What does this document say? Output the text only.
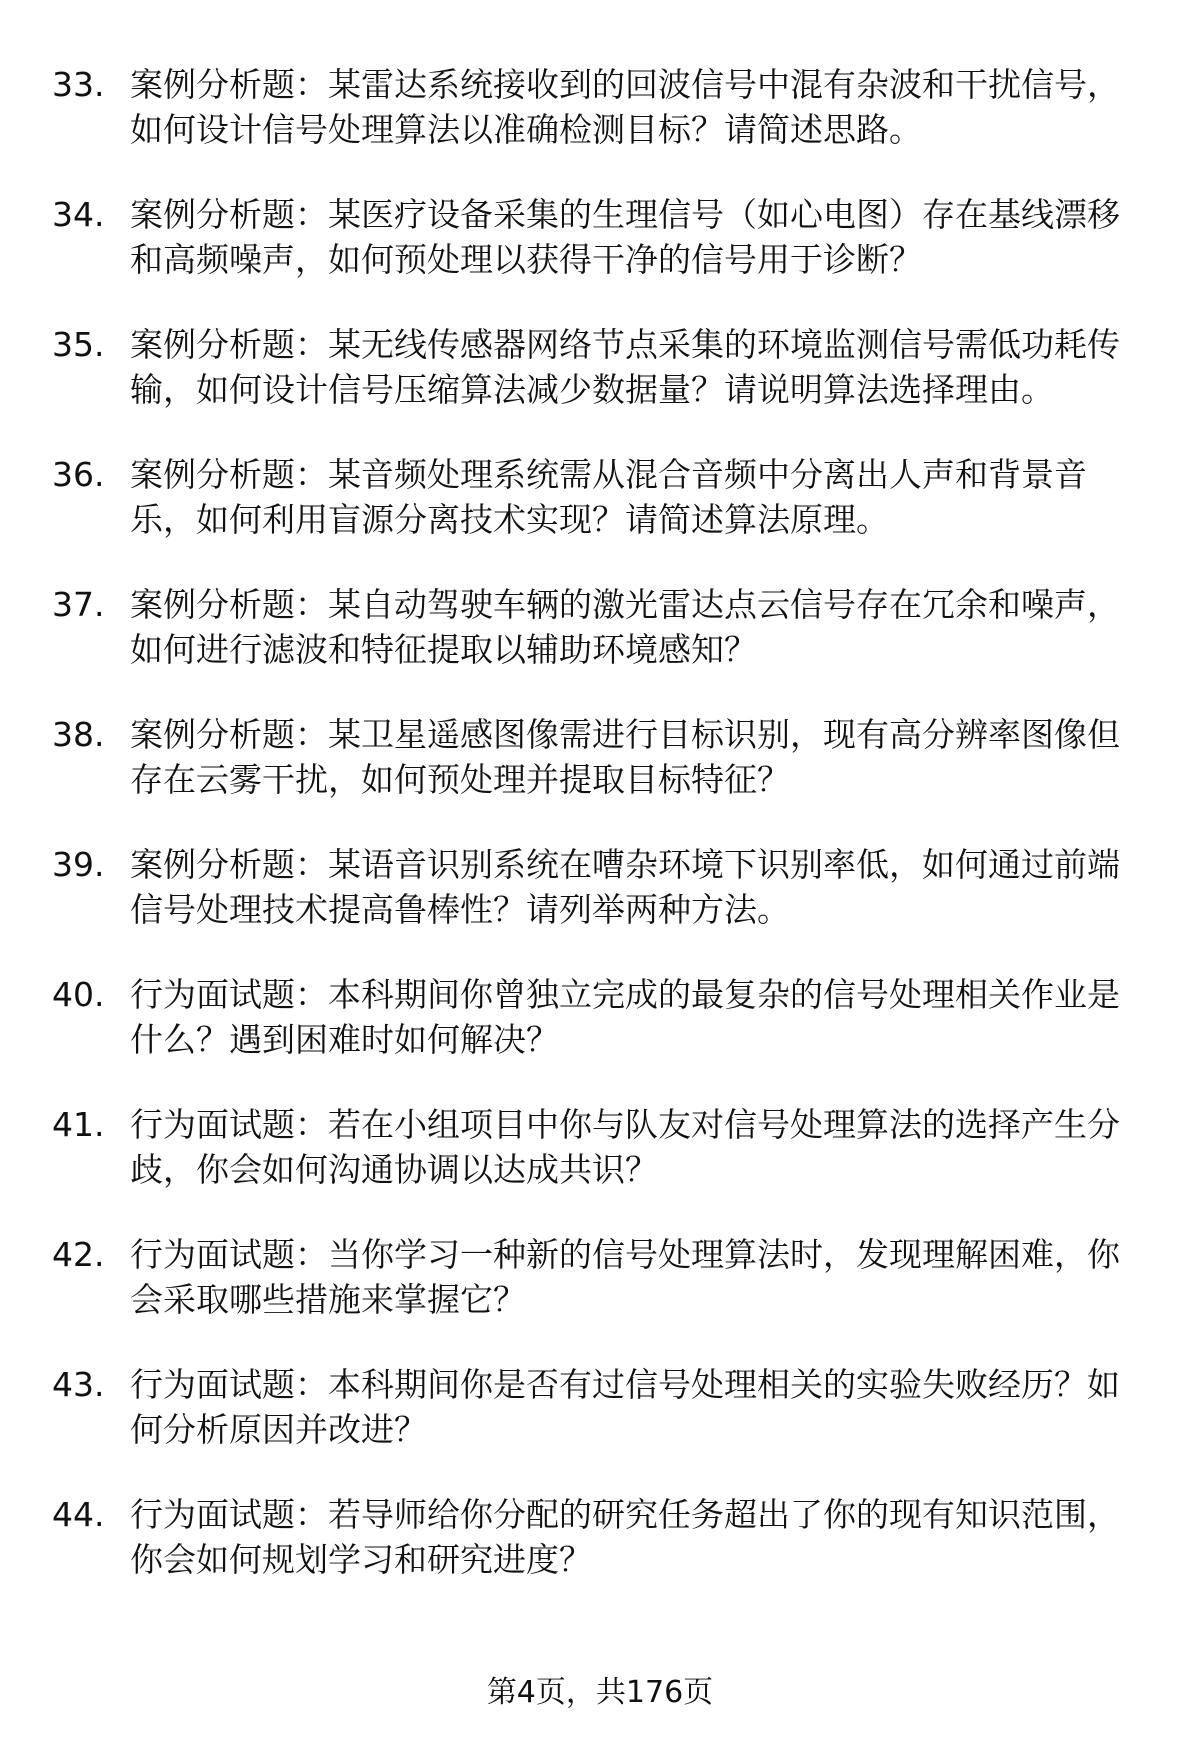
33. 案例分析题：某雷达系统接收到的回波信号中混有杂波和干扰信号，如何设计信号处理算法以准确检测目标？请简述思路。
34. 案例分析题：某医疗设备采集的生理信号（如心电图）存在基线漂移和高频噪声，如何预处理以获得干净的信号用于诊断？
35. 案例分析题：某无线传感器网络节点采集的环境监测信号需低功耗传输，如何设计信号压缩算法减少数据量？请说明算法选择理由。
36. 案例分析题：某音频处理系统需从混合音频中分离出人声和背景音乐，如何利用盲源分离技术实现？请简述算法原理。
37. 案例分析题：某自动驾驶车辆的激光雷达点云信号存在冗余和噪声，如何进行滤波和特征提取以辅助环境感知？
38. 案例分析题：某卫星遥感图像需进行目标识别，现有高分辨率图像但存在云雾干扰，如何预处理并提取目标特征？
39. 案例分析题：某语音识别系统在嘈杂环境下识别率低，如何通过前端信号处理技术提高鲁棒性？请列举两种方法。
40. 行为面试题：本科期间你曾独立完成的最复杂的信号处理相关作业是什么？遇到困难时如何解决？
41. 行为面试题：若在小组项目中你与队友对信号处理算法的选择产生分歧，你会如何沟通协调以达成共识？
42. 行为面试题：当你学习一种新的信号处理算法时，发现理解困难，你会采取哪些措施来掌握它？
43. 行为面试题：本科期间你是否有过信号处理相关的实验失败经历？如何分析原因并改进？
44. 行为面试题：若导师给你分配的研究任务超出了你的现有知识范围，你会如何规划学习和研究进度？
第4页，共176页
